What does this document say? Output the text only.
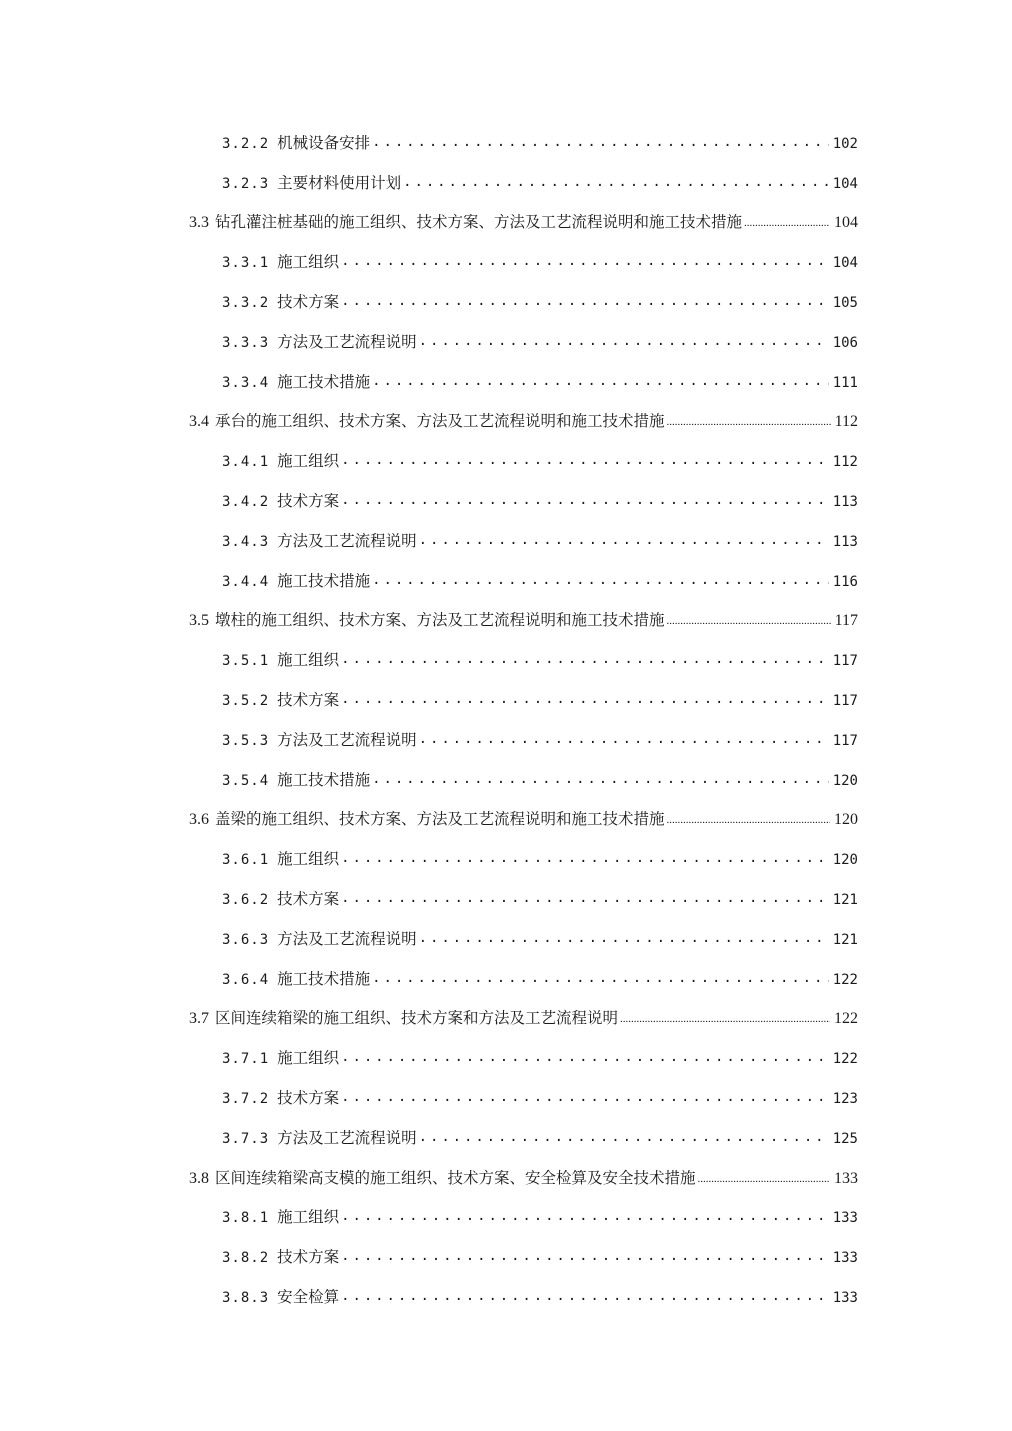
3.2.2 机械设备安排 .....	102
3.2.3 主要材料使用计划 .....	104
3.3 钻孔灌注桩基础的施工组织、技术方案、方法及工艺流程说明和施工技术措施 .....	104
3.3.1 施工组织 .....	104
3.3.2 技术方案 .....	105
3.3.3 方法及工艺流程说明 .....	106
3.3.4 施工技术措施 .....	111
3.4 承台的施工组织、技术方案、方法及工艺流程说明和施工技术措施 .....	112
3.4.1 施工组织 .....	112
3.4.2 技术方案 .....	113
3.4.3 方法及工艺流程说明 .....	113
3.4.4 施工技术措施 .....	116
3.5 墩柱的施工组织、技术方案、方法及工艺流程说明和施工技术措施 .....	117
3.5.1 施工组织 .....	117
3.5.2 技术方案 .....	117
3.5.3 方法及工艺流程说明 .....	117
3.5.4 施工技术措施 .....	120
3.6 盖梁的施工组织、技术方案、方法及工艺流程说明和施工技术措施 .....	120
3.6.1 施工组织 .....	120
3.6.2 技术方案 .....	121
3.6.3 方法及工艺流程说明 .....	121
3.6.4 施工技术措施 .....	122
3.7 区间连续箱梁的施工组织、技术方案和方法及工艺流程说明 .....	122
3.7.1 施工组织 .....	122
3.7.2 技术方案 .....	123
3.7.3 方法及工艺流程说明 .....	125
3.8 区间连续箱梁高支模的施工组织、技术方案、安全检算及安全技术措施 .....	133
3.8.1 施工组织 .....	133
3.8.2 技术方案 .....	133
3.8.3 安全检算 .....	133
